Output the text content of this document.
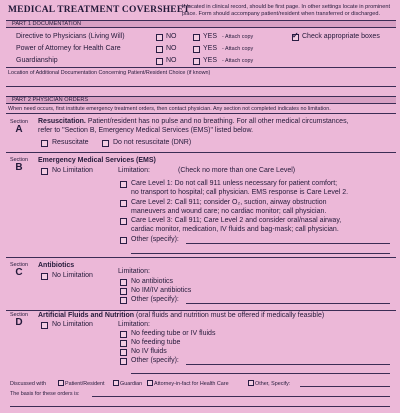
MEDICAL TREATMENT COVERSHEET
If located in clinical record, should be first page. In other settings locate in prominent place. Form should accompany patient/resident when transferred or discharged.
PART 1 DOCUMENTATION
Directive to Physicians (Living Will)	NO	YES - Attach copy
Power of Attorney for Health Care	NO	YES - Attach copy
Guardianship	NO	YES - Attach copy
✓
Check appropriate boxes
Location of Additional Documentation Concerning Patient/Resident Choice (if known)
PART 2 PHYSICIAN ORDERS
When need occurs, first institute emergency treatment orders, then contact physician. Any section not completed indicates no limitation.
Section
A
Resuscitation. Patient/resident has no pulse and no breathing. For all other medical circumstances,
refer to "Section B, Emergency Medical Services (EMS)" listed below.
Resuscitate	Do not resuscitate (DNR)
Section
B
Emergency Medical Services (EMS)
No Limitation	Limitation:	(Check no more than one Care Level)
Care Level 1: Do not call 911 unless necessary for patient comfort;
no transport to hospital; call physician. EMS response is Care Level 2.
Care Level 2: Call 911; consider O₂, suction, airway obstruction
maneuvers and wound care; no cardiac monitor; call physician.
Care Level 3: Call 911; Care Level 2 and consider oral/nasal airway,
cardiac monitor, medication, IV fluids and bag-mask; call physician.
Other (specify):
Section
C
Antibiotics
No Limitation
Limitation:
No antibiotics
No IM/IV antibiotics
Other (specify):
Section
D
Artificial Fluids and Nutrition (oral fluids and nutrition must be offered if medically feasible)
No Limitation	Limitation:
No feeding tube or IV fluids
No feeding tube
No IV fluids
Other (specify):
Discussed with	Patient/Resident	Guardian Attorney-in-fact for Health Care	Other, Specify:
The basis for these orders is:
